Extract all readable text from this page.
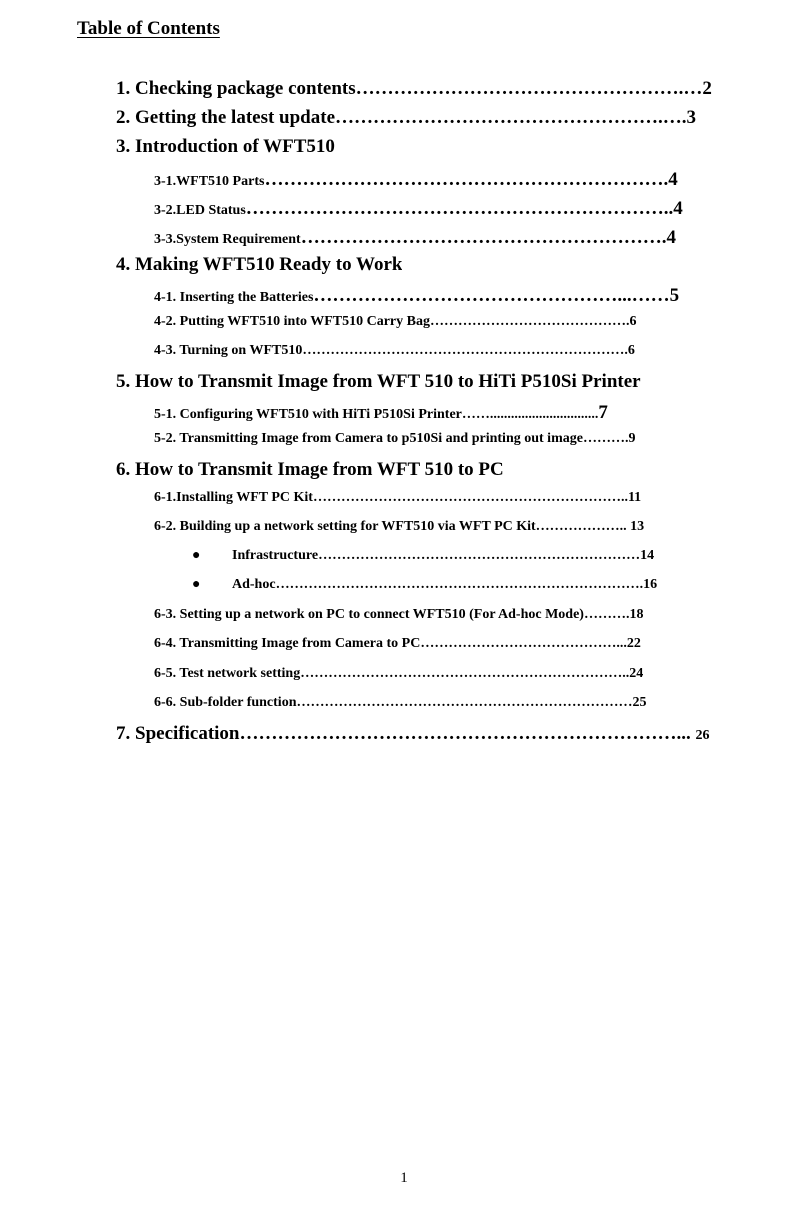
Table of Contents
1. Checking package contents…………………………………………….…2
2. Getting the latest update…………………………………………….….3
3. Introduction of WFT510
3-1.WFT510 Parts……………………………………………………….4
3-2.LED Status…………………………………………………………..4
3-3.System Requirement………………………………………………….4
4. Making WFT510 Ready to Work
4-1. Inserting the Batteries…………………………………………...……5
4-2. Putting WFT510 into WFT510 Carry Bag…………………………………….6
4-3. Turning on WFT510…………………………………………………………….6
5. How to Transmit Image from WFT 510 to HiTi P510Si Printer
5-1. Configuring WFT510 with HiTi P510Si Printer……...............................7
5-2. Transmitting Image from Camera to p510Si and printing out image……….9
6. How to Transmit Image from WFT 510 to PC
6-1.Installing WFT PC Kit…………………………………………………………..11
6-2. Building up a network setting for WFT510 via WFT PC Kit……………….. 13
● Infrastructure……………………………………………………………14
● Ad-hoc…………………………………………………………………….16
6-3. Setting up a network on PC to connect WFT510 (For Ad-hoc Mode)……….18
6-4. Transmitting Image from Camera to PC……………………………………...22
6-5. Test network setting……………………………………………………………..24
6-6. Sub-folder function………………………………………………………………25
7. Specification……………………………………………………………... 26
1
